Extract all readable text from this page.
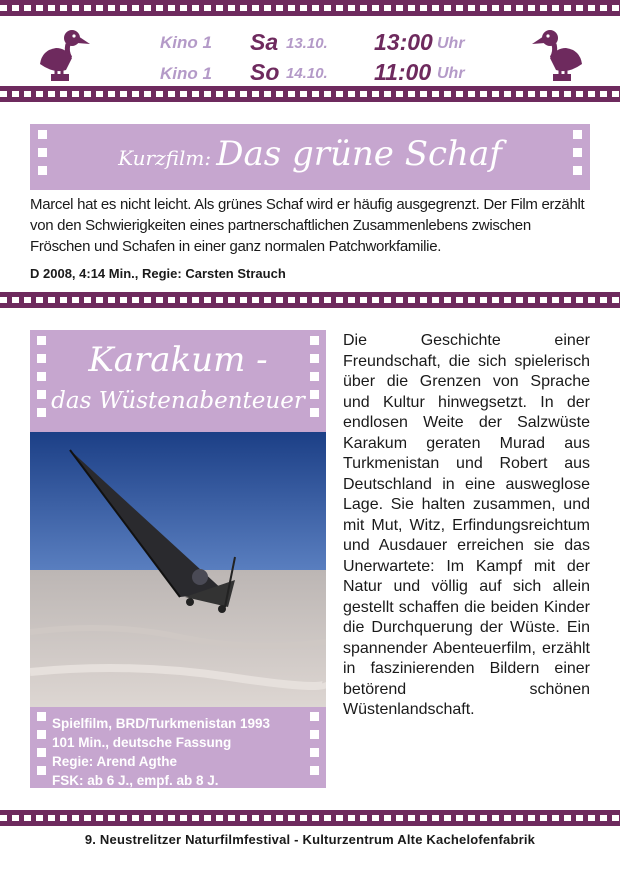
Kino 1 Sa 13.10. 13:00 Uhr
Kino 1 So 14.10. 11:00 Uhr
Kurzfilm: Das grüne Schaf
Marcel hat es nicht leicht. Als grünes Schaf wird er häufig ausgegrenzt. Der Film erzählt von den Schwierigkeiten eines partnerschaftlichen Zusammenlebens zwischen Fröschen und Schafen in einer ganz normalen Patchworkfamilie.
D 2008, 4:14 Min., Regie: Carsten Strauch
Karakum -
das Wüstenabenteuer
Spielfilm, BRD/Turkmenistan 1993
101 Min., deutsche Fassung
Regie: Arend Agthe
FSK: ab 6 J., empf. ab 8 J.
Die Geschichte einer Freundschaft, die sich spielerisch über die Grenzen von Sprache und Kultur hinwegsetzt. In der endlosen Weite der Salzwüste Karakum geraten Murad aus Turkmenistan und Robert aus Deutschland in eine ausweglose Lage. Sie halten zusammen, und mit Mut, Witz, Erfindungsreichtum und Ausdauer erreichen sie das Unerwartete: Im Kampf mit der Natur und völlig auf sich allein gestellt schaffen die beiden Kinder die Durchquerung der Wüste. Ein spannender Abenteuerfilm, erzählt in faszinierenden Bildern einer betörend schönen Wüstenlandschaft.
9. Neustrelitzer Naturfilmfestival - Kulturzentrum Alte Kachelofenfabrik
